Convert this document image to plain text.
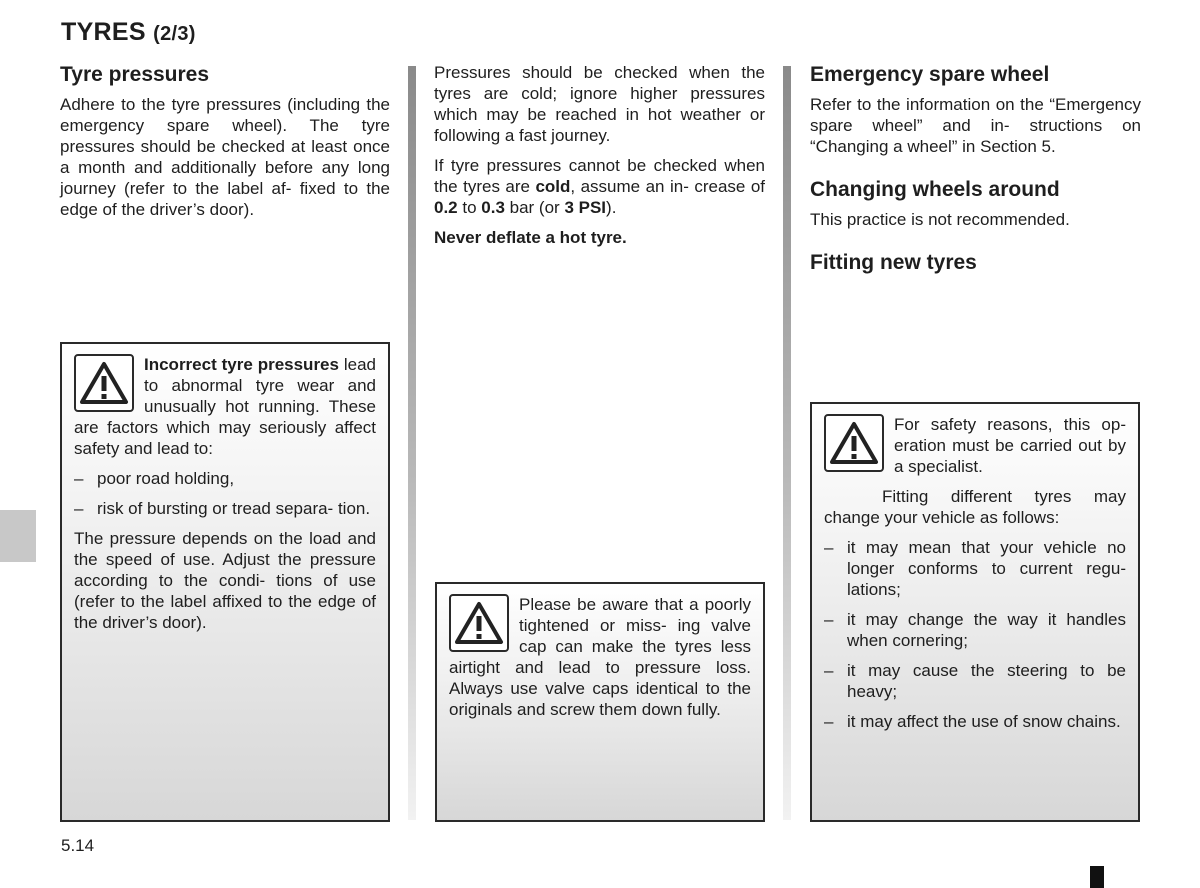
TYRES (2/3)
Tyre pressures

Adhere to the tyre pressures (including the emergency spare wheel). The tyre pressures should be checked at least once a month and additionally before any long journey (refer to the label af- fixed to the edge of the driver’s door).

Pressures should be checked when the tyres are cold; ignore higher pressures which may be reached in hot weather or following a fast journey.

If tyre pressures cannot be checked when the tyres are cold, assume an in- crease of 0.2 to 0.3 bar (or 3 PSI).

Never deflate a hot tyre.

Emergency spare wheel

Refer to the information on the “Emergency spare wheel” and in- structions on “Changing a wheel” in Section 5.

Changing wheels around

This practice is not recommended.

Fitting new tyres

Incorrect tyre pressures lead to abnormal tyre wear and unusually hot running. These are factors which may seriously affect safety and lead to:

– poor road holding,
– risk of bursting or tread separa- tion.

The pressure depends on the load and the speed of use. Adjust the pressure according to the condi- tions of use (refer to the label affixed to the edge of the driver’s door).

Please be aware that a poorly tightened or miss- ing valve cap can make the tyres less airtight and lead to pressure loss. Always use valve caps identical to the originals and screw them down fully.

For safety reasons, this op- eration must be carried out by a specialist.

Fitting different tyres may change your vehicle as follows:

– it may mean that your vehicle no longer conforms to current regu- lations;
– it may change the way it handles when cornering;
– it may cause the steering to be heavy;
– it may affect the use of snow chains.
5.14
